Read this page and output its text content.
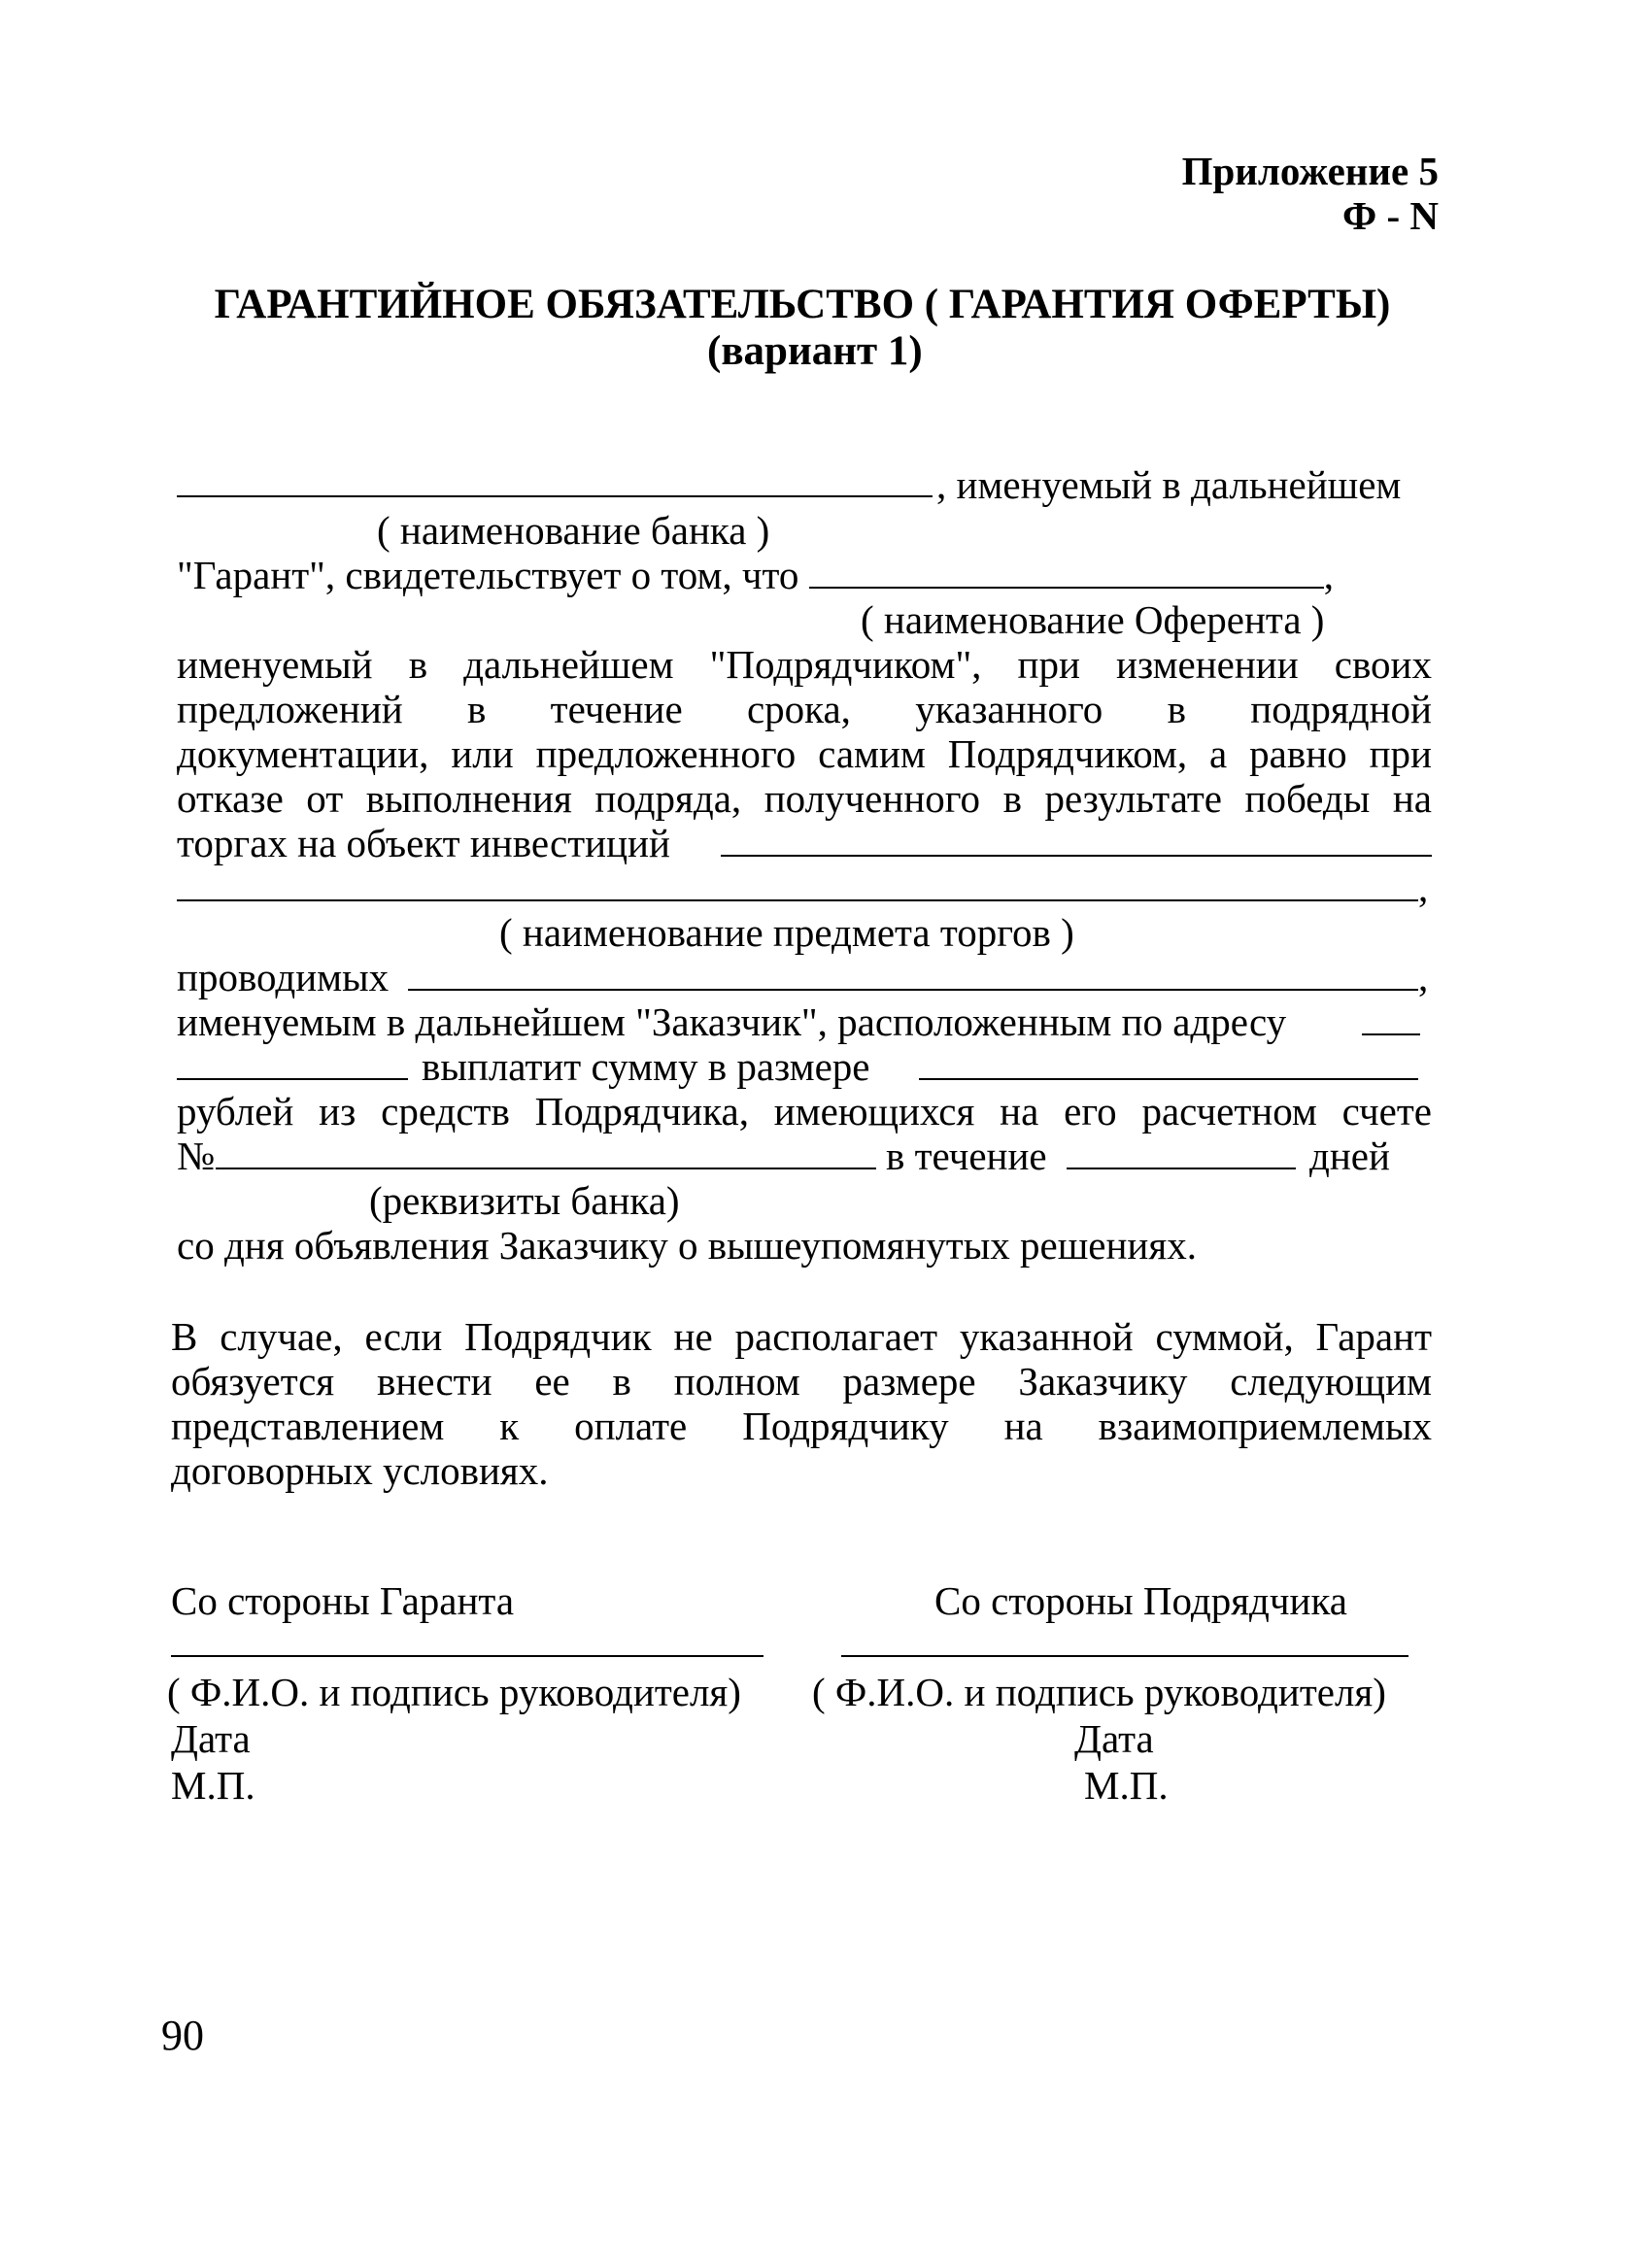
Приложение 5
Ф - N
ГАРАНТИЙНОЕ ОБЯЗАТЕЛЬСТВО ( ГАРАНТИЯ ОФЕРТЫ)
(вариант 1)
, именуемый в дальнейшем
( наименование банка )
"Гарант", свидетельствует о том, что	,
( наименование Оферента )
именуемый в дальнейшем "Подрядчиком", при изменении своих
предложений в течение срока, указанного в подрядной
документации, или предложенного самим Подрядчиком, а равно при
отказе от выполнения подряда, полученного в результате победы на
торгах на объект инвестиций
,
( наименование предмета торгов )
проводимых	,
именуемым в дальнейшем "Заказчик", расположенным по адресу
выплатит сумму в размере
рублей из средств Подрядчика, имеющихся на его расчетном счете
№	в течение	дней
(реквизиты банка)
со дня объявления Заказчику о вышеупомянутых решениях.
В случае, если Подрядчик не располагает указанной суммой, Гарант
обязуется внести ее в полном размере Заказчику следующим
представлением к оплате Подрядчику на взаимоприемлемых
договорных условиях.
Со стороны Гаранта	Со стороны Подрядчика
( Ф.И.О. и подпись руководителя) ( Ф.И.О. и подпись руководителя)
Дата	Дата
М.П.	М.П.
90
